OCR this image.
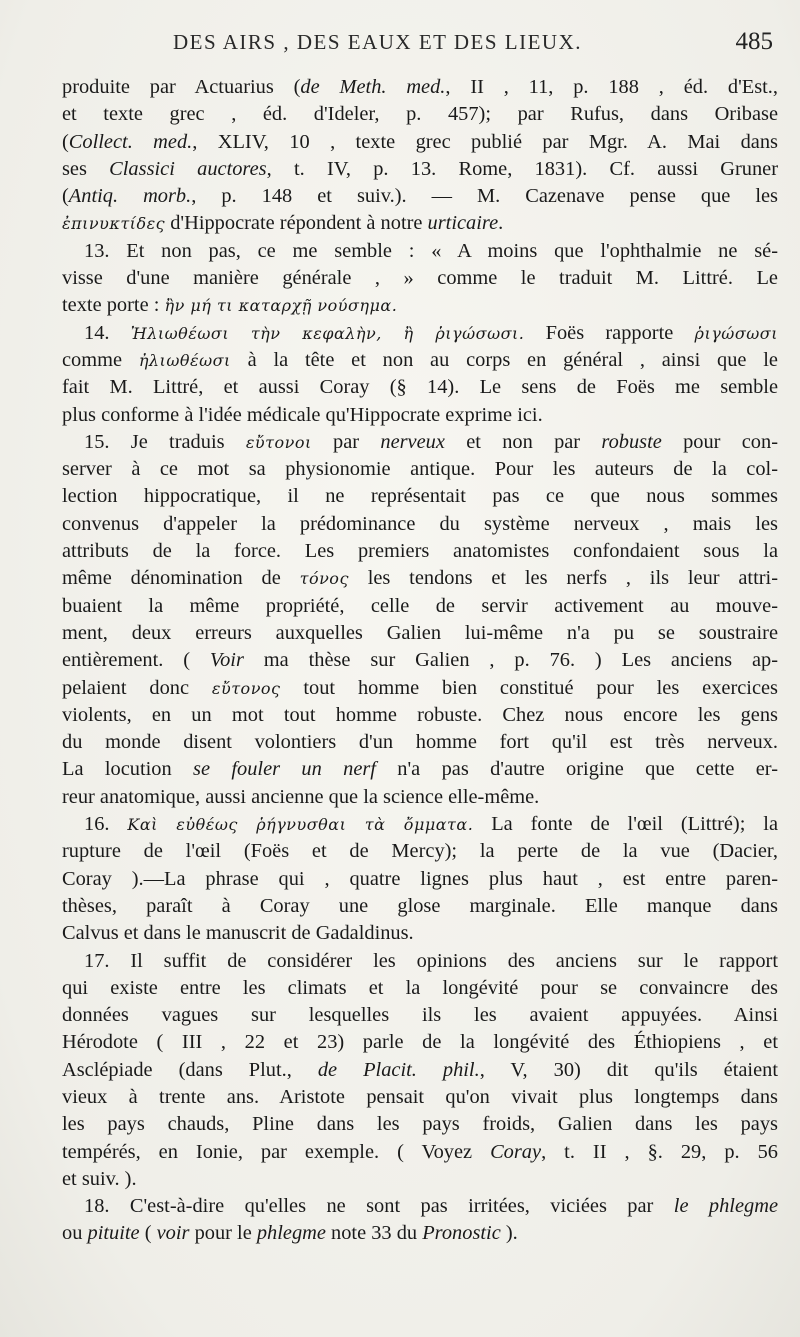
DES AIRS , DES EAUX ET DES LIEUX.	485
produite par Actuarius (de Meth. med., II , 11, p. 188 , éd. d'Est.,
et texte grec , éd. d'Ideler, p. 457); par Rufus, dans Oribase
(Collect. med., XLIV, 10 , texte grec publié par Mgr. A. Mai dans
ses Classici auctores, t. IV, p. 13. Rome, 1831). Cf. aussi Gruner
(Antiq. morb., p. 148 et suiv.). — M. Cazenave pense que les
ἐπινυκτίδες d'Hippocrate répondent à notre urticaire.
13. Et non pas, ce me semble : « A moins que l'ophthalmie ne sé-
visse d'une manière générale , » comme le traduit M. Littré. Le
texte porte : ἢν μή τι καταρχῇ νούσημα.
14. Ἠλιωθέωσι τὴν κεφαλὴν, ἢ ῥιγώσωσι. Foës rapporte ῥιγώσωσι
comme ἠλιωθέωσι à la tête et non au corps en général , ainsi que le
fait M. Littré, et aussi Coray (§ 14). Le sens de Foës me semble
plus conforme à l'idée médicale qu'Hippocrate exprime ici.
15. Je traduis εὔτονοι par nerveux et non par robuste pour con-
server à ce mot sa physionomie antique. Pour les auteurs de la col-
lection hippocratique, il ne représentait pas ce que nous sommes
convenus d'appeler la prédominance du système nerveux , mais les
attributs de la force. Les premiers anatomistes confondaient sous la
même dénomination de τόνος les tendons et les nerfs , ils leur attri-
buaient la même propriété, celle de servir activement au mouve-
ment, deux erreurs auxquelles Galien lui-même n'a pu se soustraire
entièrement. ( Voir ma thèse sur Galien , p. 76. ) Les anciens ap-
pelaient donc εὔτονος tout homme bien constitué pour les exercices
violents, en un mot tout homme robuste. Chez nous encore les gens
du monde disent volontiers d'un homme fort qu'il est très nerveux.
La locution se fouler un nerf n'a pas d'autre origine que cette er-
reur anatomique, aussi ancienne que la science elle-même.
16. Καὶ εὐθέως ῥήγνυσθαι τὰ ὄμματα. La fonte de l'œil (Littré); la
rupture de l'œil (Foës et de Mercy); la perte de la vue (Dacier,
Coray ).—La phrase qui , quatre lignes plus haut , est entre paren-
thèses, paraît à Coray une glose marginale. Elle manque dans
Calvus et dans le manuscrit de Gadaldinus.
17. Il suffit de considérer les opinions des anciens sur le rapport
qui existe entre les climats et la longévité pour se convaincre des
données vagues sur lesquelles ils les avaient appuyées. Ainsi
Hérodote ( III , 22 et 23) parle de la longévité des Éthiopiens , et
Asclépiade (dans Plut., de Placit. phil., V, 30) dit qu'ils étaient
vieux à trente ans. Aristote pensait qu'on vivait plus longtemps dans
les pays chauds, Pline dans les pays froids, Galien dans les pays
tempérés, en Ionie, par exemple. ( Voyez Coray, t. II , §. 29, p. 56
et suiv. ).
18. C'est-à-dire qu'elles ne sont pas irritées, viciées par le phlegme
ou pituite ( voir pour le phlegme note 33 du Pronostic ).
